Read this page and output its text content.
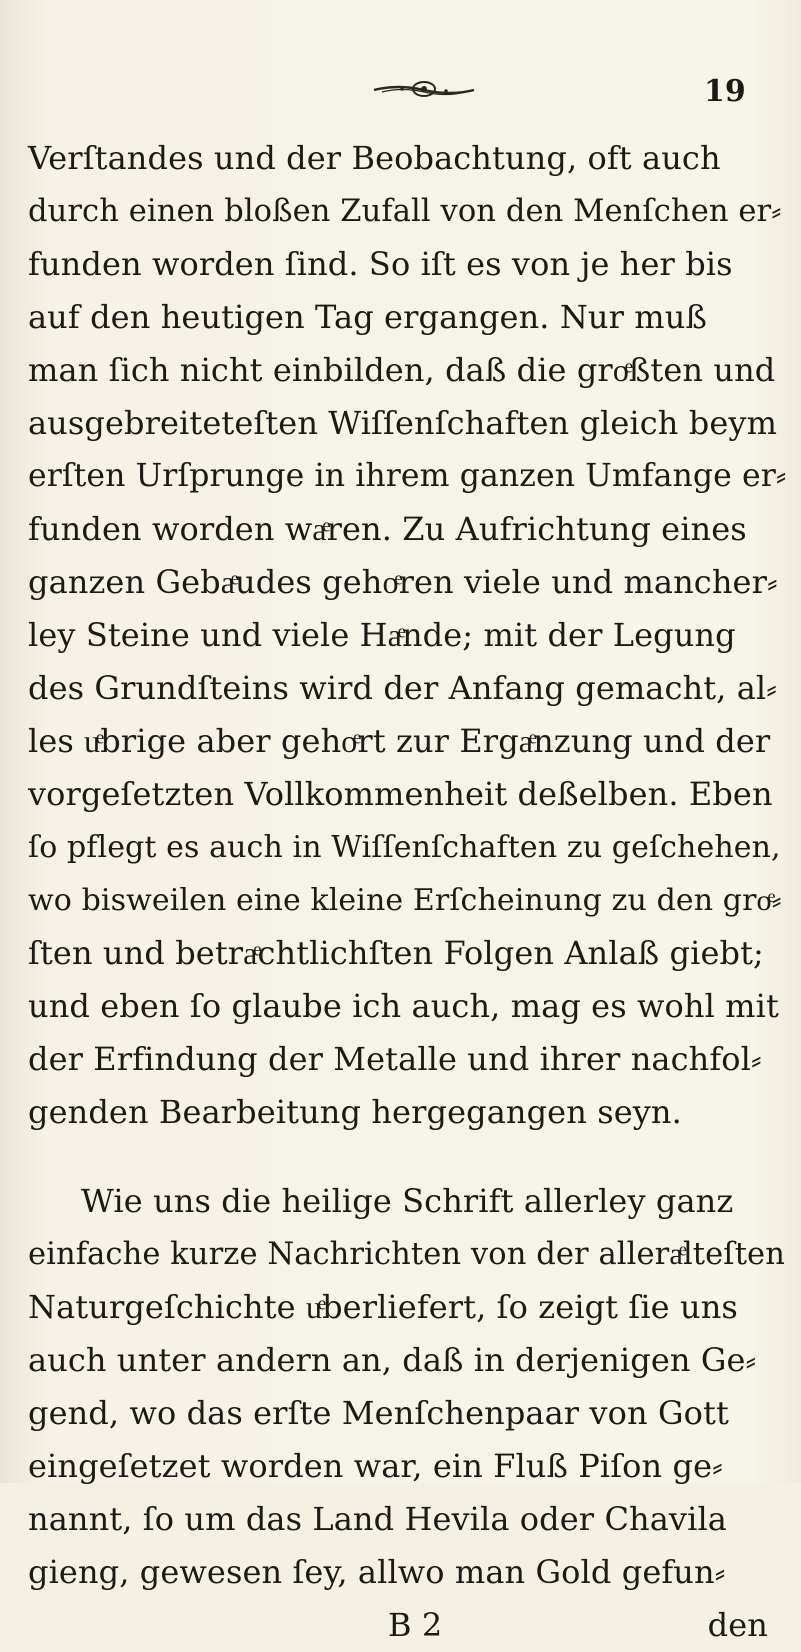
19
Verſtandes und der Beobachtung, oft auch
durch einen bloßen Zufall von den Menſchen er⸗
funden worden ſind. So iſt es von je her bis
auf den heutigen Tag ergangen. Nur muß
man ſich nicht einbilden, daß die groͤßten und
ausgebreiteteſten Wiſſenſchaften gleich beym
erſten Urſprunge in ihrem ganzen Umfange er⸗
funden worden waͤren. Zu Aufrichtung eines
ganzen Gebaͤudes gehoͤren viele und mancher⸗
ley Steine und viele Haͤnde; mit der Legung
des Grundſteins wird der Anfang gemacht, al⸗
les uͤbrige aber gehoͤrt zur Ergaͤnzung und der
vorgeſetzten Vollkommenheit deßelben. Eben
ſo pflegt es auch in Wiſſenſchaften zu geſchehen,
wo bisweilen eine kleine Erſcheinung zu den groͤ⸗
ſten und betraͤchtlichſten Folgen Anlaß giebt;
und eben ſo glaube ich auch, mag es wohl mit
der Erfindung der Metalle und ihrer nachfol⸗
genden Bearbeitung hergegangen seyn.
Wie uns die heilige Schrift allerley ganz
einfache kurze Nachrichten von der alleraͤlteſten
Naturgeſchichte uͤberliefert, ſo zeigt ſie uns
auch unter andern an, daß in derjenigen Ge⸗
gend, wo das erſte Menſchenpaar von Gott
eingeſetzet worden war, ein Fluß Piſon ge⸗
nannt, ſo um das Land Hevila oder Chavila
gieng, gewesen ſey, allwo man Gold gefun⸗
B 2	den
